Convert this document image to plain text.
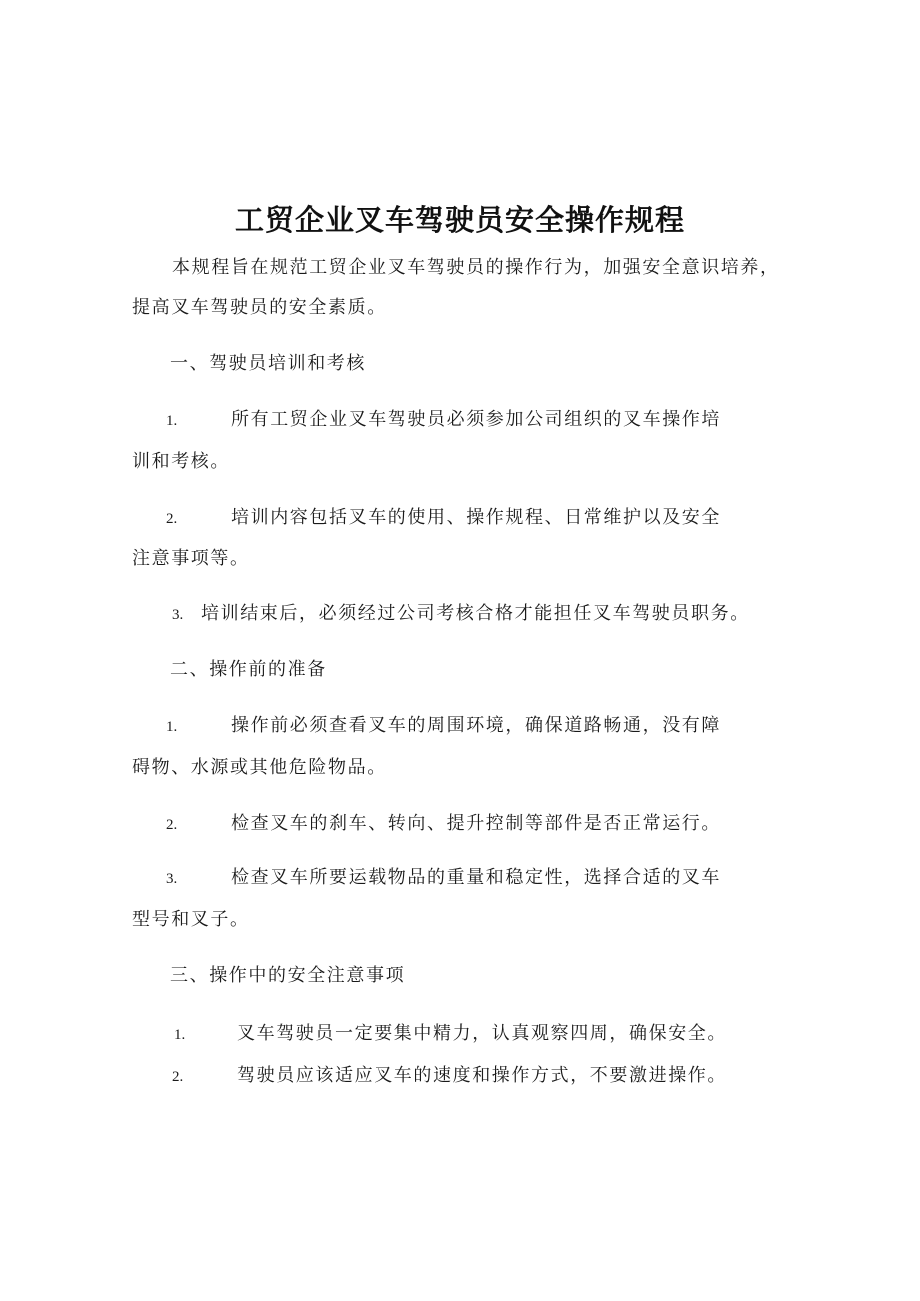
工贸企业叉车驾驶员安全操作规程

本规程旨在规范工贸企业叉车驾驶员的操作行为，加强安全意识培养，

提高叉车驾驶员的安全素质。

一、驾驶员培训和考核

1.	所有工贸企业叉车驾驶员必须参加公司组织的叉车操作培

训和考核。

2.	培训内容包括叉车的使用、操作规程、日常维护以及安全

注意事项等。

3. 培训结束后，必须经过公司考核合格才能担任叉车驾驶员职务。

二、操作前的准备

1.	操作前必须查看叉车的周围环境，确保道路畅通，没有障

碍物、水源或其他危险物品。

2.	检查叉车的刹车、转向、提升控制等部件是否正常运行。

3.	检查叉车所要运载物品的重量和稳定性，选择合适的叉车

型号和叉子。

三、操作中的安全注意事项

1.	叉车驾驶员一定要集中精力，认真观察四周，确保安全。

2.	驾驶员应该适应叉车的速度和操作方式，不要激进操作。
